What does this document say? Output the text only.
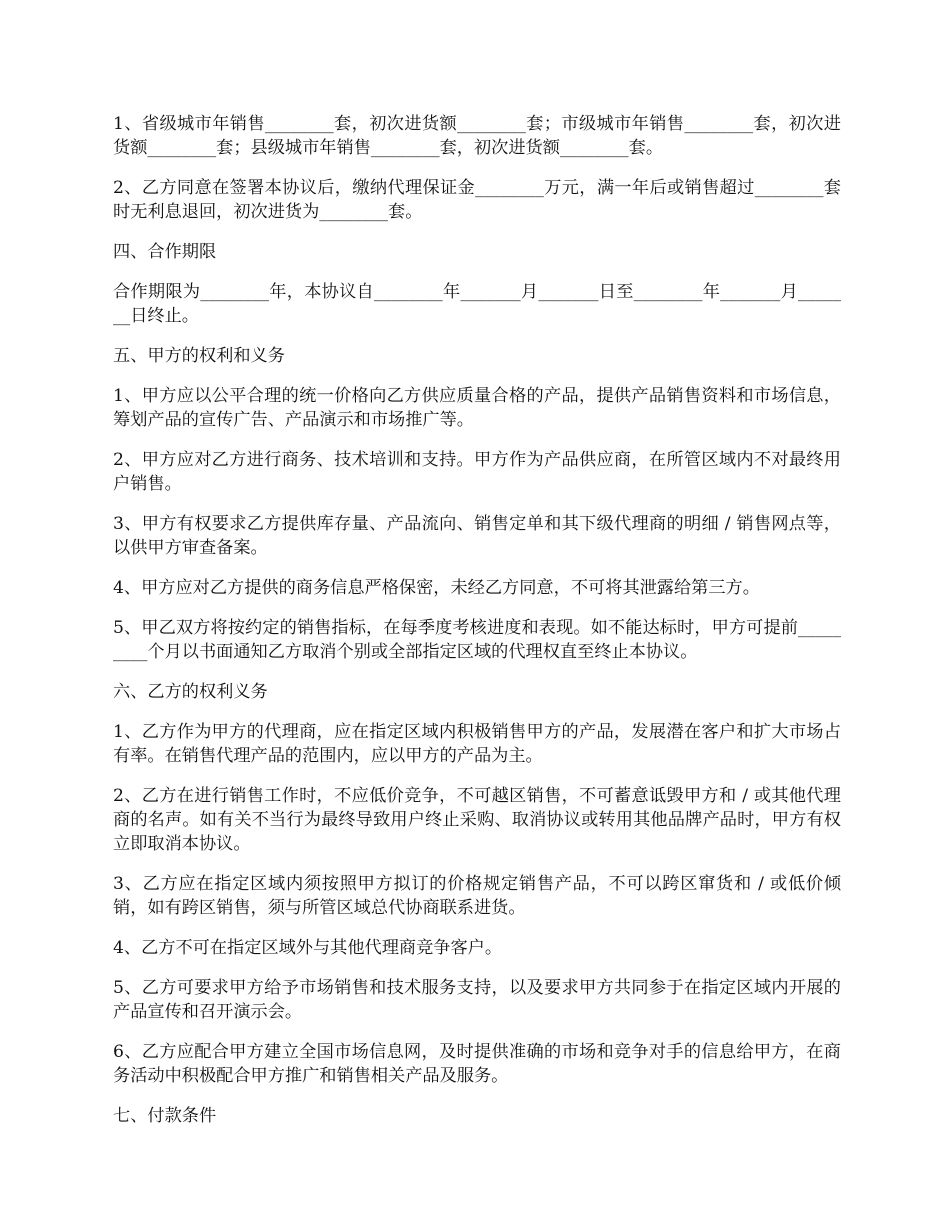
1、省级城市年销售________套，初次进货额________套；市级城市年销售________套，初次进货额________套；县级城市年销售________套，初次进货额________套。

2、乙方同意在签署本协议后，缴纳代理保证金________万元，满一年后或销售超过________套时无利息退回，初次进货为________套。

四、合作期限

合作期限为________年，本协议自________年_______月_______日至________年_______月_______日终止。

五、甲方的权利和义务

1、甲方应以公平合理的统一价格向乙方供应质量合格的产品，提供产品销售资料和市场信息，筹划产品的宣传广告、产品演示和市场推广等。

2、甲方应对乙方进行商务、技术培训和支持。甲方作为产品供应商，在所管区域内不对最终用户销售。

3、甲方有权要求乙方提供库存量、产品流向、销售定单和其下级代理商的明细 / 销售网点等，以供甲方审查备案。

4、甲方应对乙方提供的商务信息严格保密，未经乙方同意，不可将其泄露给第三方。

5、甲乙双方将按约定的销售指标，在每季度考核进度和表现。如不能达标时，甲方可提前_________个月以书面通知乙方取消个别或全部指定区域的代理权直至终止本协议。

六、乙方的权利义务

1、乙方作为甲方的代理商，应在指定区域内积极销售甲方的产品，发展潜在客户和扩大市场占有率。在销售代理产品的范围内，应以甲方的产品为主。

2、乙方在进行销售工作时，不应低价竞争，不可越区销售，不可蓄意诋毁甲方和 / 或其他代理商的名声。如有关不当行为最终导致用户终止采购、取消协议或转用其他品牌产品时，甲方有权立即取消本协议。

3、乙方应在指定区域内须按照甲方拟订的价格规定销售产品，不可以跨区窜货和 / 或低价倾销，如有跨区销售，须与所管区域总代协商联系进货。

4、乙方不可在指定区域外与其他代理商竞争客户。

5、乙方可要求甲方给予市场销售和技术服务支持，以及要求甲方共同参于在指定区域内开展的产品宣传和召开演示会。

6、乙方应配合甲方建立全国市场信息网，及时提供准确的市场和竞争对手的信息给甲方，在商务活动中积极配合甲方推广和销售相关产品及服务。

七、付款条件
